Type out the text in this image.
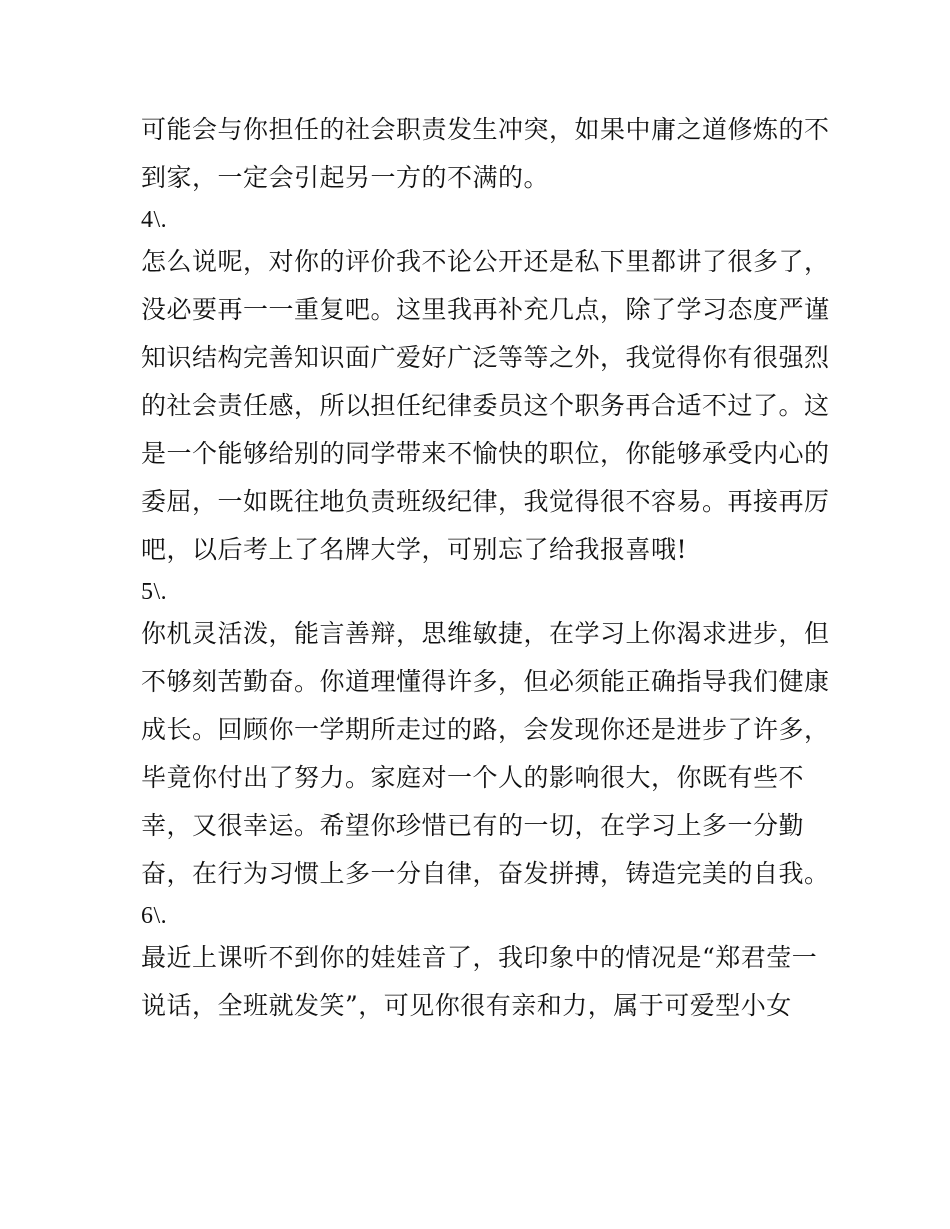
可能会与你担任的社会职责发生冲突，如果中庸之道修炼的不
到家，一定会引起另一方的不满的。
4\.
怎么说呢，对你的评价我不论公开还是私下里都讲了很多了，
没必要再一一重复吧。这里我再补充几点，除了学习态度严谨
知识结构完善知识面广爱好广泛等等之外，我觉得你有很强烈
的社会责任感，所以担任纪律委员这个职务再合适不过了。这
是一个能够给别的同学带来不愉快的职位，你能够承受内心的
委屈，一如既往地负责班级纪律，我觉得很不容易。再接再厉
吧，以后考上了名牌大学，可别忘了给我报喜哦!
5\.
你机灵活泼，能言善辩，思维敏捷，在学习上你渴求进步，但
不够刻苦勤奋。你道理懂得许多，但必须能正确指导我们健康
成长。回顾你一学期所走过的路，会发现你还是进步了许多，
毕竟你付出了努力。家庭对一个人的影响很大，你既有些不
幸，又很幸运。希望你珍惜已有的一切，在学习上多一分勤
奋，在行为习惯上多一分自律，奋发拼搏，铸造完美的自我。
6\.
最近上课听不到你的娃娃音了，我印象中的情况是“郑君莹一
说话，全班就发笑”，可见你很有亲和力，属于可爱型小女
